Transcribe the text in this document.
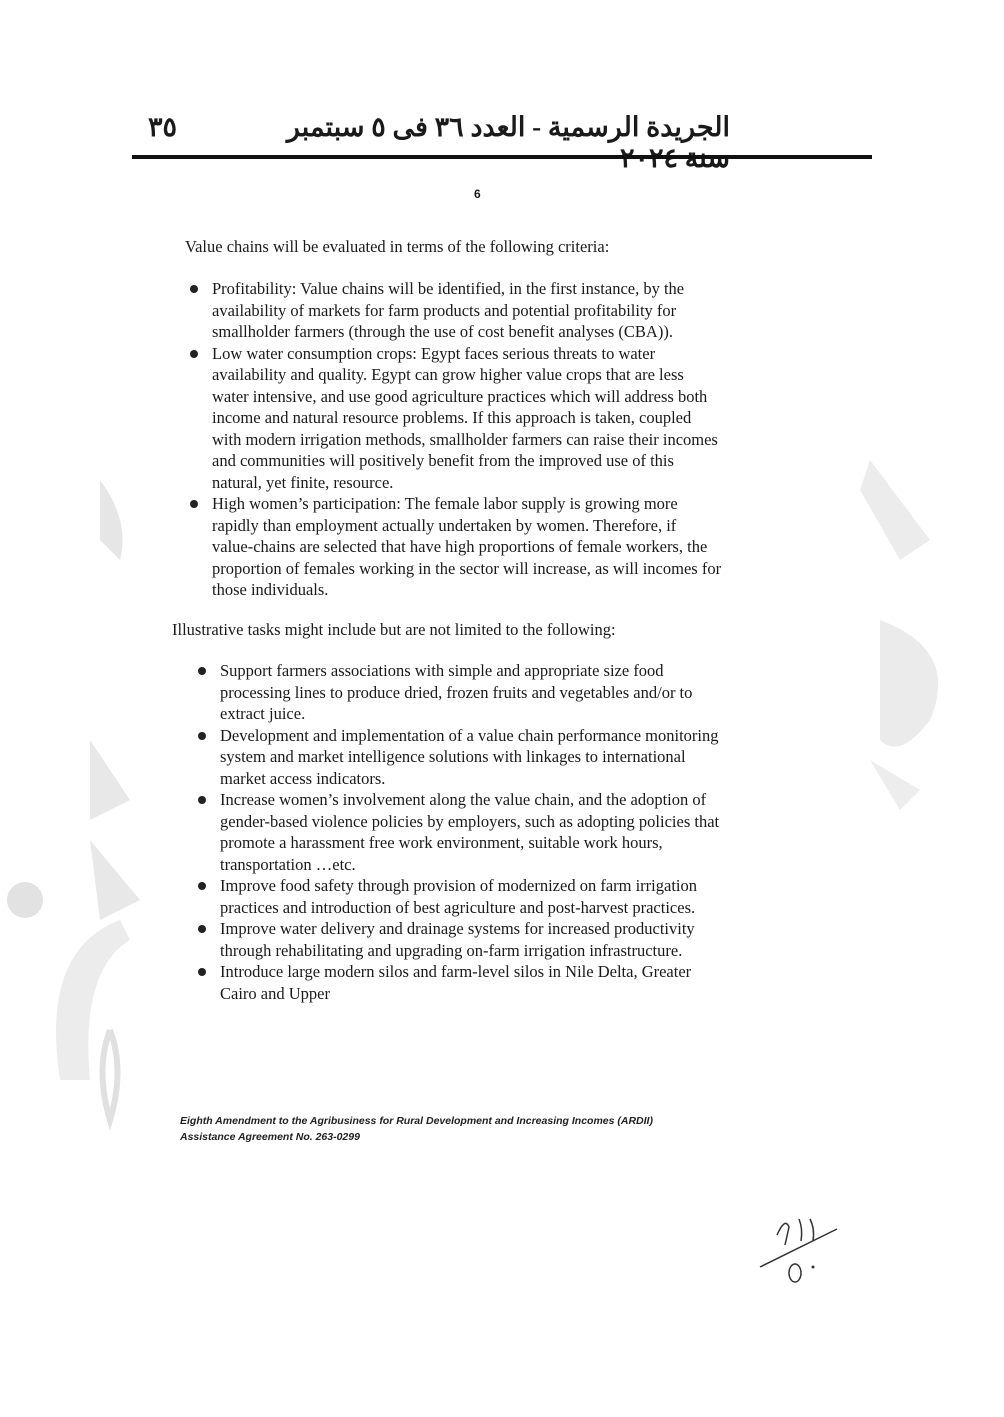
الجريدة الرسمية - العدد ٣٦ فى ٥ سبتمبر
٣٥
6
Value chains will be evaluated in terms of the following criteria:
Profitability: Value chains will be identified, in the first instance, by the
availability of markets for farm products and potential profitability for
smallholder farmers (through the use of cost benefit analyses (CBA)).
Low water consumption crops: Egypt faces serious threats to water
availability and quality. Egypt can grow higher value crops that are less
water intensive, and use good agriculture practices which will address both
income and natural resource problems. If this approach is taken, coupled
with modern irrigation methods, smallholder farmers can raise their incomes
and communities will positively benefit from the improved use of this
natural, yet finite, resource.
High women’s participation: The female labor supply is growing more
rapidly than employment actually undertaken by women. Therefore, if
value-chains are selected that have high proportions of female workers, the
proportion of females working in the sector will increase, as will incomes for
those individuals.
Illustrative tasks might include but are not limited to the following:
Support farmers associations with simple and appropriate size food
processing lines to produce dried, frozen fruits and vegetables and/or to
extract juice.
Development and implementation of a value chain performance monitoring
system and market intelligence solutions with linkages to international
market access indicators.
Increase women’s involvement along the value chain, and the adoption of
gender-based violence policies by employers, such as adopting policies that
promote a harassment free work environment, suitable work hours,
transportation …etc.
Improve food safety through provision of modernized on farm irrigation
practices and introduction of best agriculture and post-harvest practices.
Improve water delivery and drainage systems for increased productivity
through rehabilitating and upgrading on-farm irrigation infrastructure.
Introduce large modern silos and farm-level silos in Nile Delta, Greater
Cairo and Upper
Eighth Amendment to the Agribusiness for Rural Development and Increasing Incomes (ARDII)
Assistance Agreement No. 263-0299
